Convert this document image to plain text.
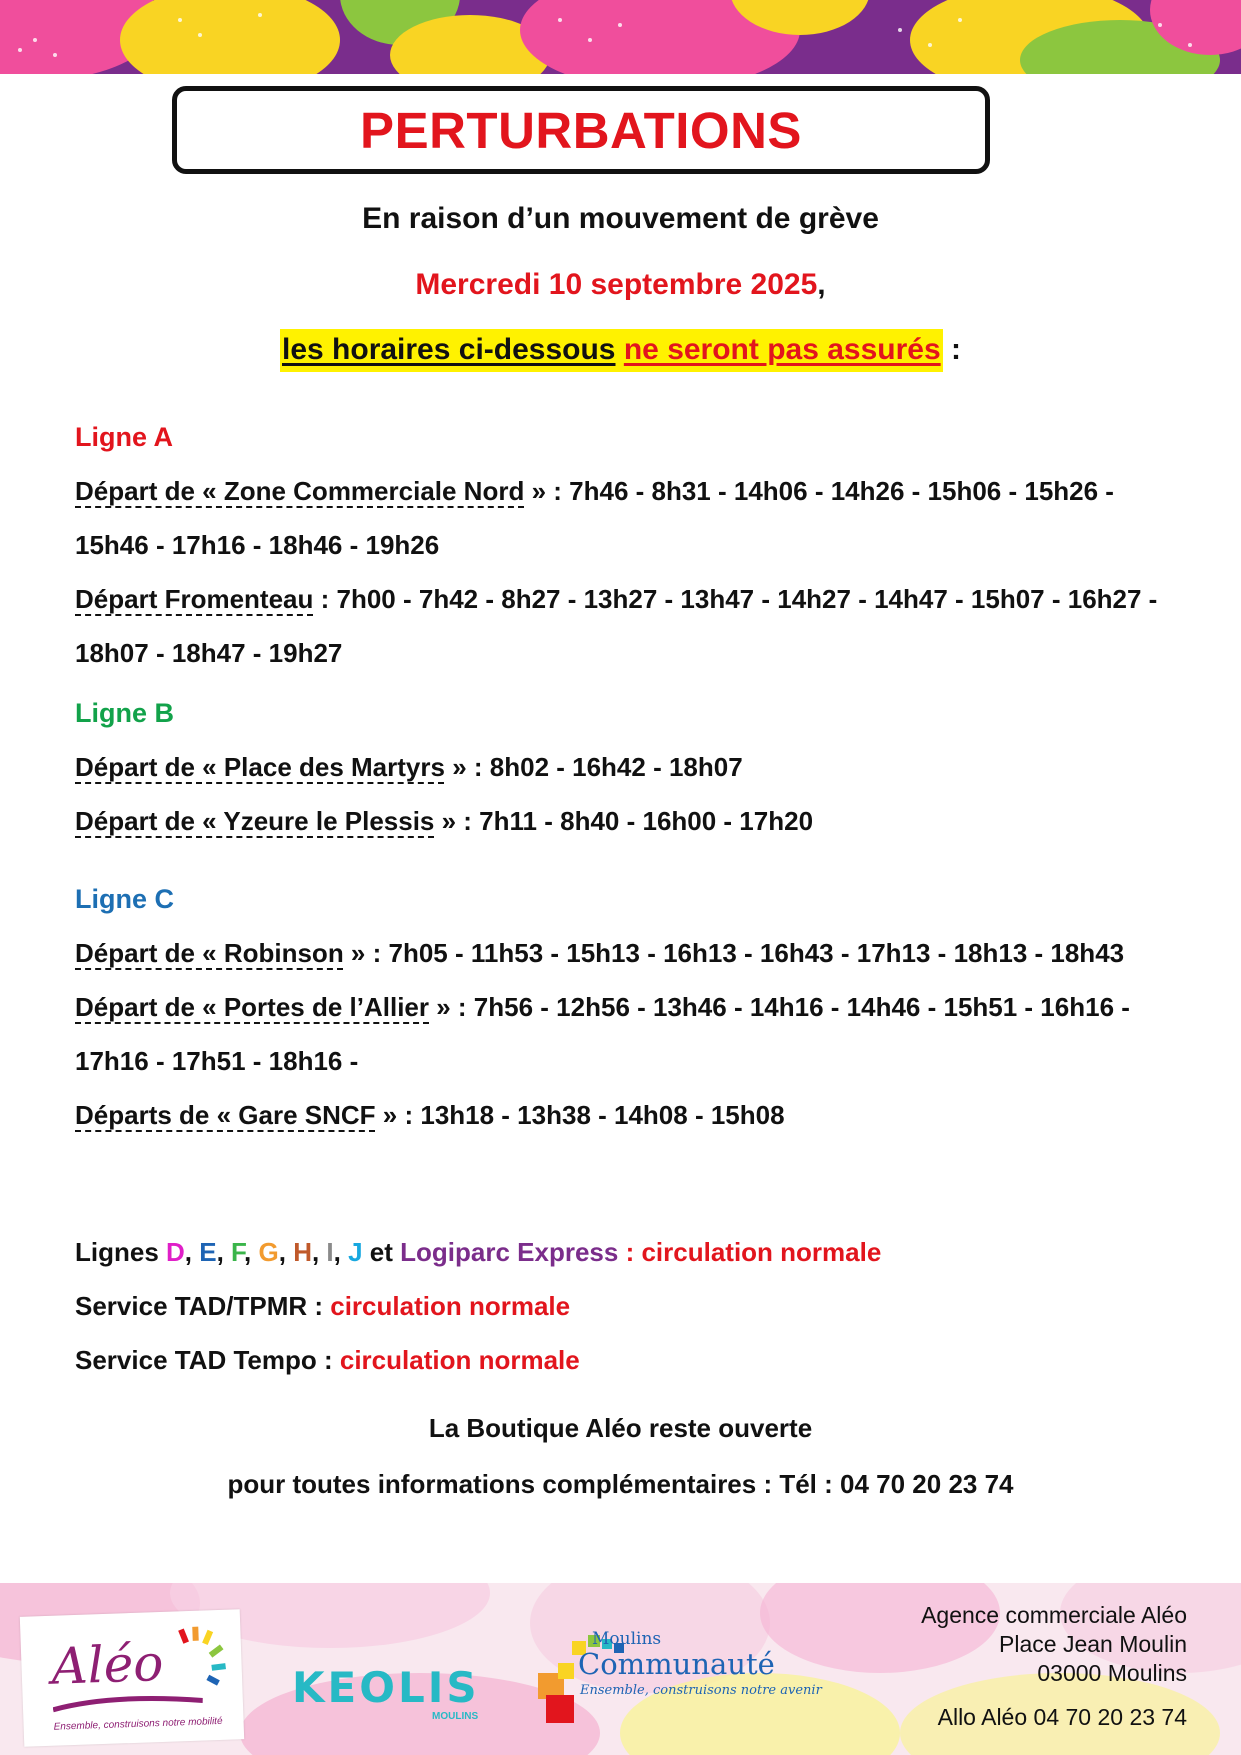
PERTURBATIONS
En raison d’un mouvement de grève
Mercredi 10 septembre 2025,
les horaires ci-dessous ne seront pas assurés :
Ligne A
Départ de « Zone Commerciale Nord » : 7h46 - 8h31 - 14h06 - 14h26 - 15h06 - 15h26 - 15h46 - 17h16 - 18h46 - 19h26
Départ Fromenteau : 7h00 - 7h42 - 8h27 - 13h27 - 13h47 - 14h27 - 14h47 - 15h07 - 16h27 - 18h07 - 18h47 - 19h27
Ligne B
Départ de « Place des Martyrs » : 8h02 - 16h42 - 18h07
Départ de « Yzeure le Plessis » : 7h11 - 8h40 - 16h00 - 17h20
Ligne C
Départ de « Robinson » : 7h05 - 11h53 - 15h13 - 16h13 - 16h43 - 17h13 - 18h13 - 18h43
Départ de « Portes de l’Allier » : 7h56 - 12h56 - 13h46 - 14h16 - 14h46 - 15h51 - 16h16 - 17h16 - 17h51 - 18h16 -
Départs de « Gare SNCF » : 13h18 - 13h38 - 14h08 - 15h08
Lignes D, E, F, G, H, I, J et Logiparc Express : circulation normale
Service TAD/TPMR : circulation normale
Service TAD Tempo : circulation normale
La Boutique Aléo reste ouverte
pour toutes informations complémentaires : Tél : 04 70 20 23 74
Aléo
Ensemble, construisons notre mobilité
KEOLIS
MOULINS
Moulins
Communauté
Ensemble, construisons notre avenir
Agence commerciale Aléo
Place Jean Moulin
03000 Moulins
Allo Aléo 04 70 20 23 74
